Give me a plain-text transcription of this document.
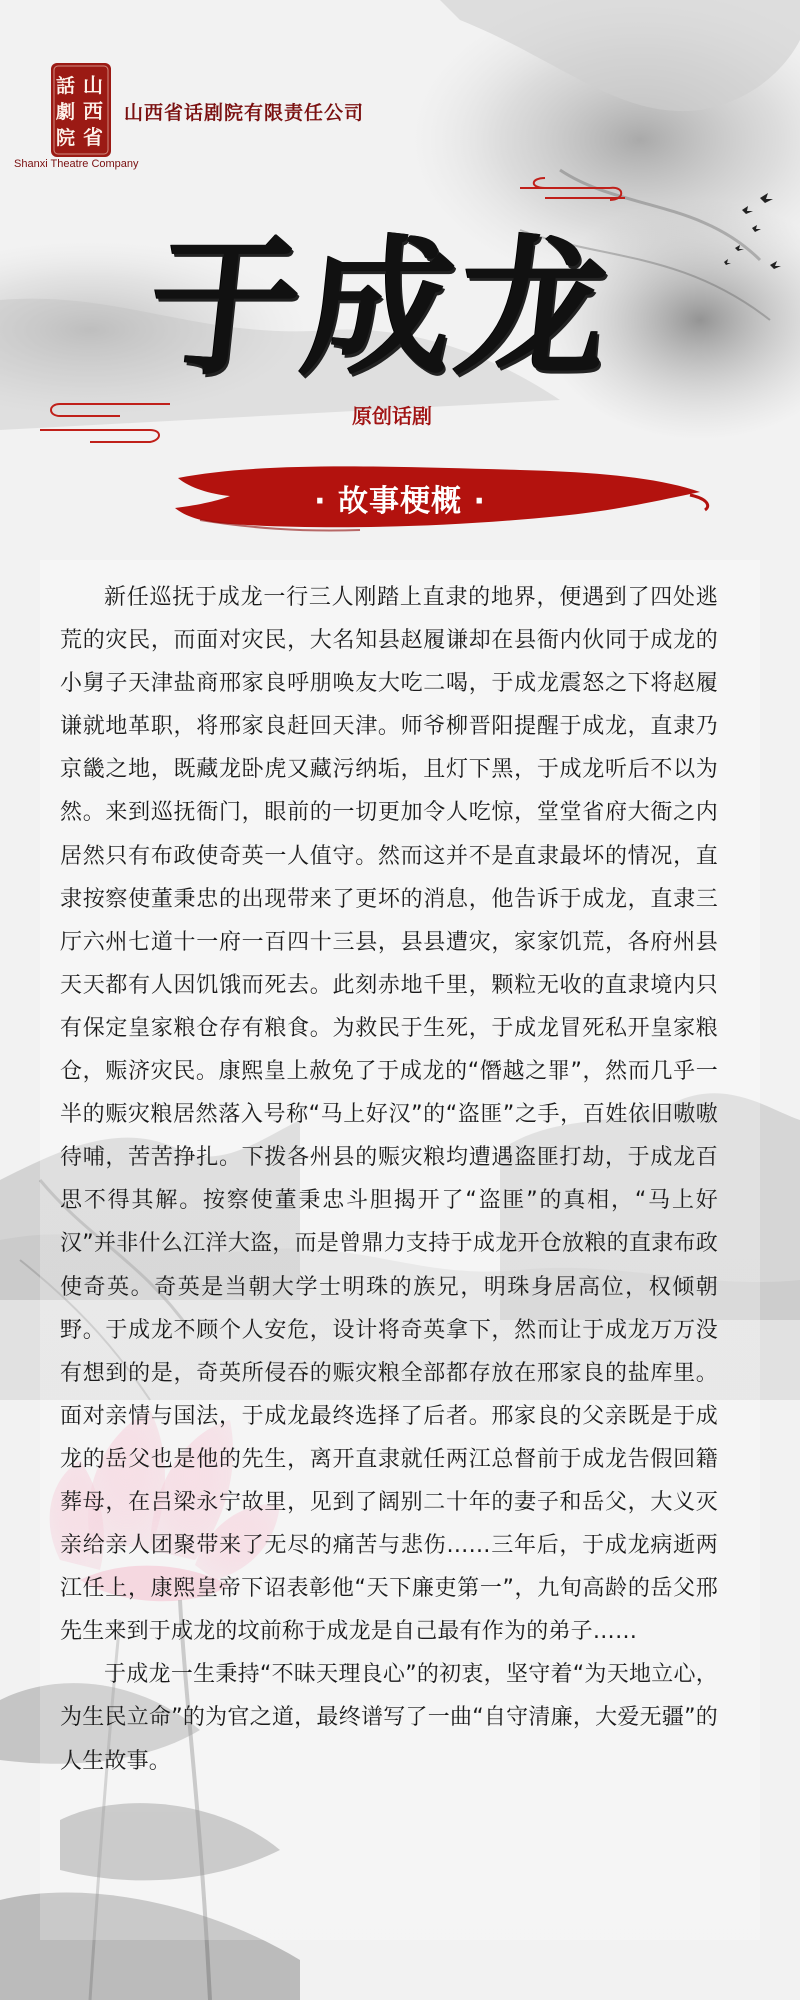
山
西
省
話
劇
院
山西省话剧院有限责任公司
Shanxi Theatre Company
于成龙
原创话剧
· 故事梗概 ·

新任巡抚于成龙一行三人刚踏上直隶的地界，便遇到了四处逃荒的灾民，而面对灾民，大名知县赵履谦却在县衙内伙同于成龙的小舅子天津盐商邢家良呼朋唤友大吃二喝，于成龙震怒之下将赵履谦就地革职，将邢家良赶回天津。师爷柳晋阳提醒于成龙，直隶乃京畿之地，既藏龙卧虎又藏污纳垢，且灯下黑，于成龙听后不以为然。来到巡抚衙门，眼前的一切更加令人吃惊，堂堂省府大衙之内居然只有布政使奇英一人值守。然而这并不是直隶最坏的情况，直隶按察使董秉忠的出现带来了更坏的消息，他告诉于成龙，直隶三厅六州七道十一府一百四十三县，县县遭灾，家家饥荒，各府州县天天都有人因饥饿而死去。此刻赤地千里，颗粒无收的直隶境内只有保定皇家粮仓存有粮食。为救民于生死，于成龙冒死私开皇家粮仓，赈济灾民。康熙皇上赦免了于成龙的“僭越之罪”，然而几乎一半的赈灾粮居然落入号称“马上好汉”的“盗匪”之手，百姓依旧嗷嗷待哺，苦苦挣扎。下拨各州县的赈灾粮均遭遇盗匪打劫，于成龙百思不得其解。按察使董秉忠斗胆揭开了“盗匪”的真相，“马上好汉”并非什么江洋大盗，而是曾鼎力支持于成龙开仓放粮的直隶布政使奇英。奇英是当朝大学士明珠的族兄，明珠身居高位，权倾朝野。于成龙不顾个人安危，设计将奇英拿下，然而让于成龙万万没有想到的是，奇英所侵吞的赈灾粮全部都存放在邢家良的盐库里。面对亲情与国法，于成龙最终选择了后者。邢家良的父亲既是于成龙的岳父也是他的先生，离开直隶就任两江总督前于成龙告假回籍葬母，在吕梁永宁故里，见到了阔别二十年的妻子和岳父，大义灭亲给亲人团聚带来了无尽的痛苦与悲伤……三年后，于成龙病逝两江任上，康熙皇帝下诏表彰他“天下廉吏第一”，九旬高龄的岳父邢先生来到于成龙的坟前称于成龙是自己最有作为的弟子……

于成龙一生秉持“不昧天理良心”的初衷，坚守着“为天地立心，为生民立命”的为官之道，最终谱写了一曲“自守清廉，大爱无疆”的人生故事。
